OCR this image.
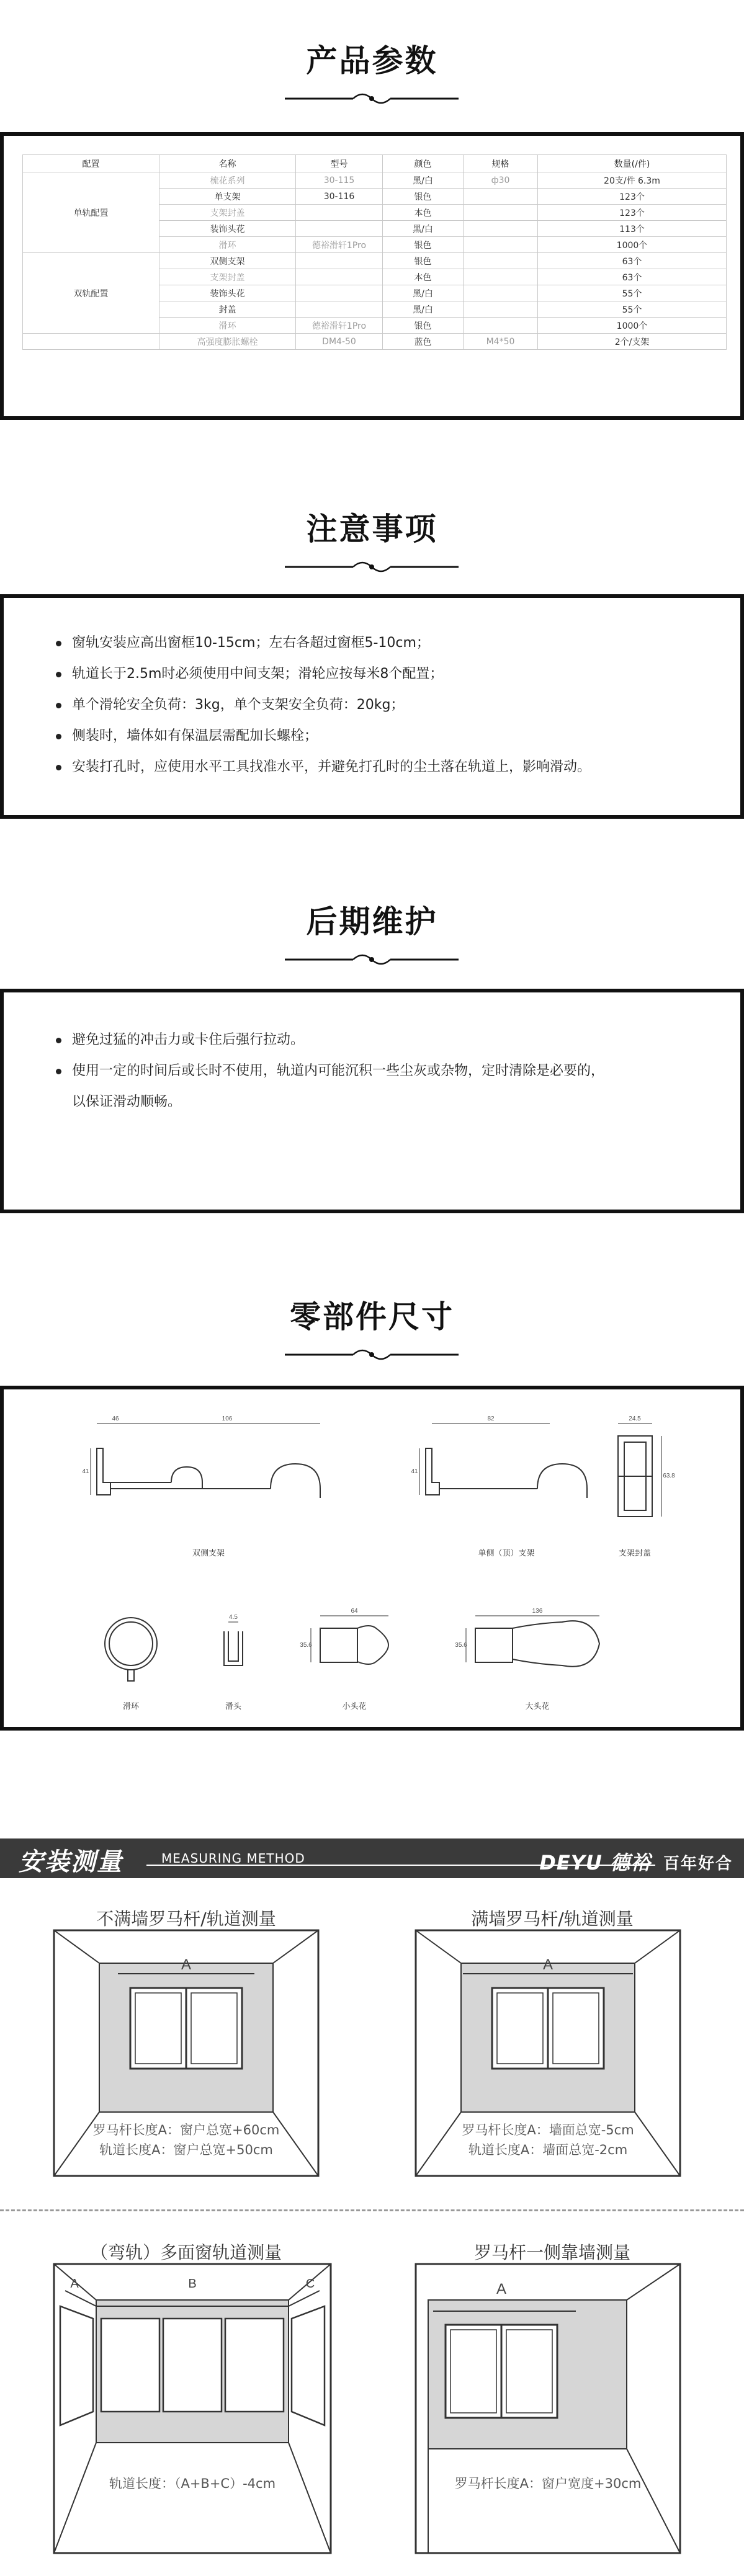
产品参数
配置	名称	型号	颜色	规格	数量(/件)
单轨配置	梳花系列	30-115	黑/白	ф30	20支/件 6.3m
	单支架	30-116	银色		123个
	支架封盖		本色		123个
	装饰头花		黑/白		113个
	滑环	德裕滑轩1Pro	银色		1000个
双轨配置	双侧支架		银色		63个
	支架封盖		本色		63个
	装饰头花		黑/白		55个
	封盖		黑/白		55个
	滑环	德裕滑轩1Pro	银色		1000个
	高强度膨胀螺栓	DM4-50	蓝色	M4*50	2个/支架
注意事项
窗轨安装应高出窗框10-15cm；左右各超过窗框5-10cm；
轨道长于2.5m时必须使用中间支架；滑轮应按每米8个配置；
单个滑轮安全负荷：3kg，单个支架安全负荷：20kg；
侧装时，墙体如有保温层需配加长螺栓；
安装打孔时，应使用水平工具找准水平，并避免打孔时的尘土落在轨道上，影响滑动。
后期维护
避免过猛的冲击力或卡住后强行拉动。
使用一定的时间后或长时不使用，轨道内可能沉积一些尘灰或杂物，定时清除是必要的，
以保证滑动顺畅。
零部件尺寸
46	106
41
82
41
24.5
63.8
4.5
64
35.6
136
35.6
双侧支架	单侧（顶）支架	支架封盖
滑环	滑头	小头花	大头花
安装测量	MEASURING METHOD	DEYU 德裕 百年好合
不满墙罗马杆/轨道测量	满墙罗马杆/轨道测量
（弯轨）多面窗轨道测量	罗马杆一侧靠墙测量
A
罗马杆长度A：窗户总宽+60cm
轨道长度A：窗户总宽+50cm
A
罗马杆长度A：墙面总宽-5cm
轨道长度A：墙面总宽-2cm
A	B	C
轨道长度：（A+B+C）-4cm
A
罗马杆长度A：窗户宽度+30cm
